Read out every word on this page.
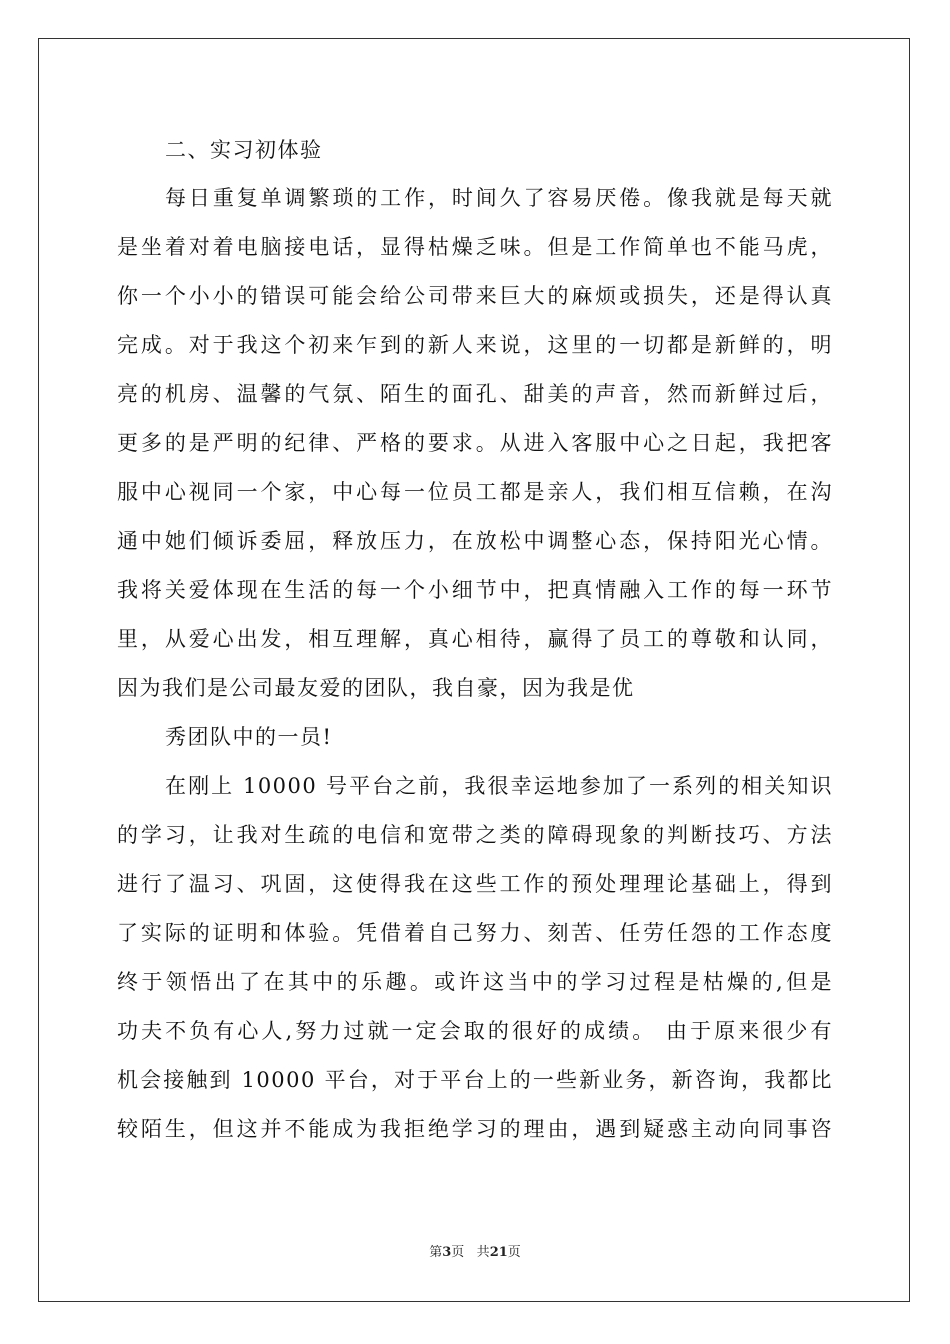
二、实习初体验
每日重复单调繁琐的工作，时间久了容易厌倦。像我就是每天就
是坐着对着电脑接电话，显得枯燥乏味。但是工作简单也不能马虎，
你一个小小的错误可能会给公司带来巨大的麻烦或损失，还是得认真
完成。对于我这个初来乍到的新人来说，这里的一切都是新鲜的，明
亮的机房、温馨的气氛、陌生的面孔、甜美的声音，然而新鲜过后，
更多的是严明的纪律、严格的要求。从进入客服中心之日起，我把客
服中心视同一个家，中心每一位员工都是亲人，我们相互信赖，在沟
通中她们倾诉委屈，释放压力，在放松中调整心态，保持阳光心情。
我将关爱体现在生活的每一个小细节中，把真情融入工作的每一环节
里，从爱心出发，相互理解，真心相待，赢得了员工的尊敬和认同，
因为我们是公司最友爱的团队，我自豪，因为我是优
秀团队中的一员!
在刚上 10000 号平台之前，我很幸运地参加了一系列的相关知识
的学习，让我对生疏的电信和宽带之类的障碍现象的判断技巧、方法
进行了温习、巩固，这使得我在这些工作的预处理理论基础上，得到
了实际的证明和体验。凭借着自己努力、刻苦、任劳任怨的工作态度
终于领悟出了在其中的乐趣。或许这当中的学习过程是枯燥的,但是
功夫不负有心人,努力过就一定会取的很好的成绩。 由于原来很少有
机会接触到 10000 平台，对于平台上的一些新业务，新咨询，我都比
较陌生，但这并不能成为我拒绝学习的理由，遇到疑惑主动向同事咨
第3页 共21页
